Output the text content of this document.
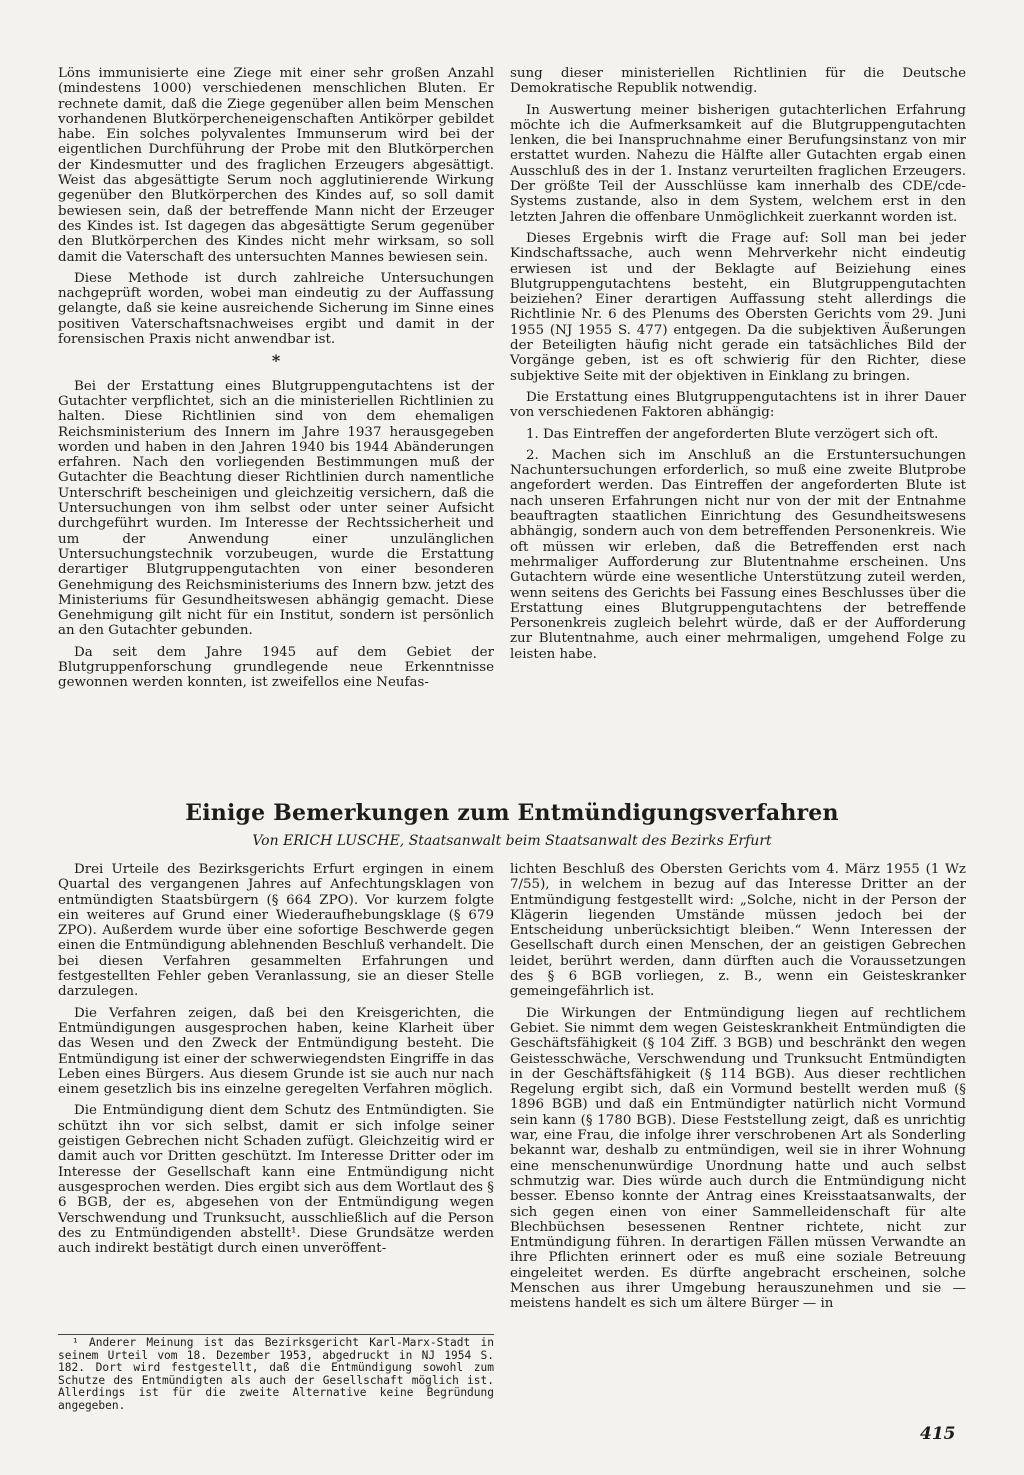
Löns immunisierte eine Ziege mit einer sehr großen Anzahl (mindestens 1000) verschiedenen menschlichen Bluten. Er rechnete damit, daß die Ziege gegenüber allen beim Menschen vorhandenen Blutkörpercheneigenschaften Antikörper gebildet habe. Ein solches polyvalentes Immunserum wird bei der eigentlichen Durchführung der Probe mit den Blutkörperchen der Kindesmutter und des fraglichen Erzeugers abgesättigt. Weist das abgesättigte Serum noch agglutinierende Wirkung gegenüber den Blutkörperchen des Kindes auf, so soll damit bewiesen sein, daß der betreffende Mann nicht der Erzeuger des Kindes ist. Ist dagegen das abgesättigte Serum gegenüber den Blutkörperchen des Kindes nicht mehr wirksam, so soll damit die Vaterschaft des untersuchten Mannes bewiesen sein.

Diese Methode ist durch zahlreiche Untersuchungen nachgeprüft worden, wobei man eindeutig zu der Auffassung gelangte, daß sie keine ausreichende Sicherung im Sinne eines positiven Vaterschaftsnachweises ergibt und damit in der forensischen Praxis nicht anwendbar ist.

*

Bei der Erstattung eines Blutgruppengutachtens ist der Gutachter verpflichtet, sich an die ministeriellen Richtlinien zu halten. Diese Richtlinien sind von dem ehemaligen Reichsministerium des Innern im Jahre 1937 herausgegeben worden und haben in den Jahren 1940 bis 1944 Abänderungen erfahren. Nach den vorliegenden Bestimmungen muß der Gutachter die Beachtung dieser Richtlinien durch namentliche Unterschrift bescheinigen und gleichzeitig versichern, daß die Untersuchungen von ihm selbst oder unter seiner Aufsicht durchgeführt wurden. Im Interesse der Rechtssicherheit und um der Anwendung einer unzulänglichen Untersuchungstechnik vorzubeugen, wurde die Erstattung derartiger Blutgruppengutachten von einer besonderen Genehmigung des Reichsministeriums des Innern bzw. jetzt des Ministeriums für Gesundheitswesen abhängig gemacht. Diese Genehmigung gilt nicht für ein Institut, sondern ist persönlich an den Gutachter gebunden.

Da seit dem Jahre 1945 auf dem Gebiet der Blutgruppenforschung grundlegende neue Erkenntnisse gewonnen werden konnten, ist zweifellos eine Neufas-

sung dieser ministeriellen Richtlinien für die Deutsche Demokratische Republik notwendig.

In Auswertung meiner bisherigen gutachterlichen Erfahrung möchte ich die Aufmerksamkeit auf die Blutgruppengutachten lenken, die bei Inanspruchnahme einer Berufungsinstanz von mir erstattet wurden. Nahezu die Hälfte aller Gutachten ergab einen Ausschluß des in der 1. Instanz verurteilten fraglichen Erzeugers. Der größte Teil der Ausschlüsse kam innerhalb des CDE/cde-Systems zustande, also in dem System, welchem erst in den letzten Jahren die offenbare Unmöglichkeit zuerkannt worden ist.

Dieses Ergebnis wirft die Frage auf: Soll man bei jeder Kindschaftssache, auch wenn Mehrverkehr nicht eindeutig erwiesen ist und der Beklagte auf Beiziehung eines Blutgruppengutachtens besteht, ein Blutgruppengutachten beiziehen? Einer derartigen Auffassung steht allerdings die Richtlinie Nr. 6 des Plenums des Obersten Gerichts vom 29. Juni 1955 (NJ 1955 S. 477) entgegen. Da die subjektiven Äußerungen der Beteiligten häufig nicht gerade ein tatsächliches Bild der Vorgänge geben, ist es oft schwierig für den Richter, diese subjektive Seite mit der objektiven in Einklang zu bringen.

Die Erstattung eines Blutgruppengutachtens ist in ihrer Dauer von verschiedenen Faktoren abhängig:

1. Das Eintreffen der angeforderten Blute verzögert sich oft.

2. Machen sich im Anschluß an die Erstuntersuchungen Nachuntersuchungen erforderlich, so muß eine zweite Blutprobe angefordert werden. Das Eintreffen der angeforderten Blute ist nach unseren Erfahrungen nicht nur von der mit der Entnahme beauftragten staatlichen Einrichtung des Gesundheitswesens abhängig, sondern auch von dem betreffenden Personenkreis. Wie oft müssen wir erleben, daß die Betreffenden erst nach mehrmaliger Aufforderung zur Blutentnahme erscheinen. Uns Gutachtern würde eine wesentliche Unterstützung zuteil werden, wenn seitens des Gerichts bei Fassung eines Beschlusses über die Erstattung eines Blutgruppengutachtens der betreffende Personenkreis zugleich belehrt würde, daß er der Aufforderung zur Blutentnahme, auch einer mehrmaligen, umgehend Folge zu leisten habe.

Einige Bemerkungen zum Entmündigungsverfahren
Von ERICH LUSCHE, Staatsanwalt beim Staatsanwalt des Bezirks Erfurt

Drei Urteile des Bezirksgerichts Erfurt ergingen in einem Quartal des vergangenen Jahres auf Anfechtungsklagen von entmündigten Staatsbürgern (§ 664 ZPO). Vor kurzem folgte ein weiteres auf Grund einer Wiederaufhebungsklage (§ 679 ZPO). Außerdem wurde über eine sofortige Beschwerde gegen einen die Entmündigung ablehnenden Beschluß verhandelt. Die bei diesen Verfahren gesammelten Erfahrungen und festgestellten Fehler geben Veranlassung, sie an dieser Stelle darzulegen.

Die Verfahren zeigen, daß bei den Kreisgerichten, die Entmündigungen ausgesprochen haben, keine Klarheit über das Wesen und den Zweck der Entmündigung besteht. Die Entmündigung ist einer der schwerwiegendsten Eingriffe in das Leben eines Bürgers. Aus diesem Grunde ist sie auch nur nach einem gesetzlich bis ins einzelne geregelten Verfahren möglich.

Die Entmündigung dient dem Schutz des Entmündigten. Sie schützt ihn vor sich selbst, damit er sich infolge seiner geistigen Gebrechen nicht Schaden zufügt. Gleichzeitig wird er damit auch vor Dritten geschützt. Im Interesse Dritter oder im Interesse der Gesellschaft kann eine Entmündigung nicht ausgesprochen werden. Dies ergibt sich aus dem Wortlaut des § 6 BGB, der es, abgesehen von der Entmündigung wegen Verschwendung und Trunksucht, ausschließlich auf die Person des zu Entmündigenden abstellt¹. Diese Grundsätze werden auch indirekt bestätigt durch einen unveröffent-

lichten Beschluß des Obersten Gerichts vom 4. März 1955 (1 Wz 7/55), in welchem in bezug auf das Interesse Dritter an der Entmündigung festgestellt wird: „Solche, nicht in der Person der Klägerin liegenden Umstände müssen jedoch bei der Entscheidung unberücksichtigt bleiben.“ Wenn Interessen der Gesellschaft durch einen Menschen, der an geistigen Gebrechen leidet, berührt werden, dann dürften auch die Voraussetzungen des § 6 BGB vorliegen, z. B., wenn ein Geisteskranker gemeingefährlich ist.

Die Wirkungen der Entmündigung liegen auf rechtlichem Gebiet. Sie nimmt dem wegen Geisteskrankheit Entmündigten die Geschäftsfähigkeit (§ 104 Ziff. 3 BGB) und beschränkt den wegen Geistesschwäche, Verschwendung und Trunksucht Entmündigten in der Geschäftsfähigkeit (§ 114 BGB). Aus dieser rechtlichen Regelung ergibt sich, daß ein Vormund bestellt werden muß (§ 1896 BGB) und daß ein Entmündigter natürlich nicht Vormund sein kann (§ 1780 BGB). Diese Feststellung zeigt, daß es unrichtig war, eine Frau, die infolge ihrer verschrobenen Art als Sonderling bekannt war, deshalb zu entmündigen, weil sie in ihrer Wohnung eine menschenunwürdige Unordnung hatte und auch selbst schmutzig war. Dies würde auch durch die Entmündigung nicht besser. Ebenso konnte der Antrag eines Kreisstaatsanwalts, der sich gegen einen von einer Sammelleidenschaft für alte Blechbüchsen besessenen Rentner richtete, nicht zur Entmündigung führen. In derartigen Fällen müssen Verwandte an ihre Pflichten erinnert oder es muß eine soziale Betreuung eingeleitet werden. Es dürfte angebracht erscheinen, solche Menschen aus ihrer Umgebung herauszunehmen und sie — meistens handelt es sich um ältere Bürger — in

¹ Anderer Meinung ist das Bezirksgericht Karl-Marx-Stadt in seinem Urteil vom 18. Dezember 1953, abgedruckt in NJ 1954 S. 182. Dort wird festgestellt, daß die Entmündigung sowohl zum Schutze des Entmündigten als auch der Gesellschaft möglich ist. Allerdings ist für die zweite Alternative keine Begründung angegeben.

415
